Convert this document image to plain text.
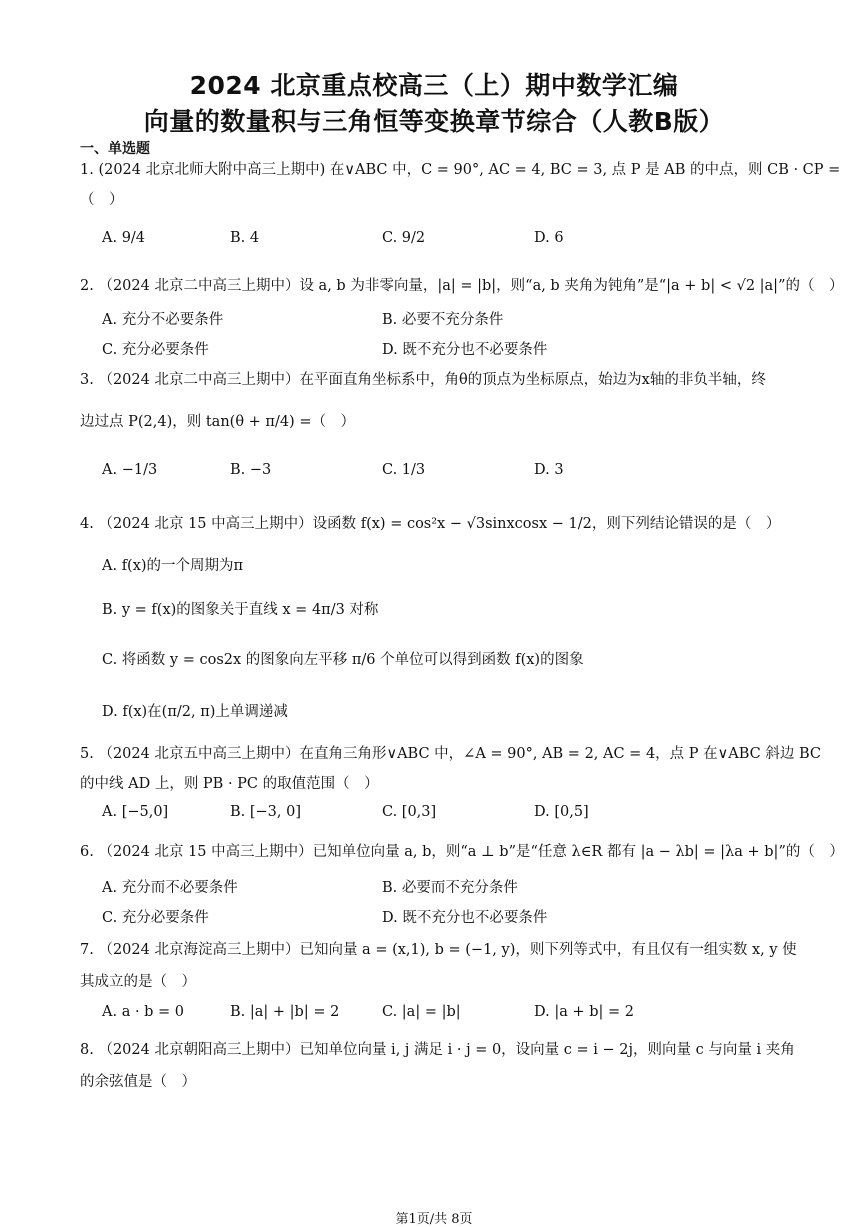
2024 北京重点校高三（上）期中数学汇编
向量的数量积与三角恒等变换章节综合（人教B版）
一、单选题
1. (2024 北京北师大附中高三上期中) 在∨ABC 中，C = 90°, AC = 4, BC = 3, 点 P 是 AB 的中点，则 CB · CP =
（　）
A. 9/4	B. 4	C. 9/2	D. 6
2. （2024 北京二中高三上期中）设 a, b 为非零向量，|a| = |b|，则“a, b 夹角为钝角”是“|a + b| < √2 |a|”的（　）
A. 充分不必要条件	B. 必要不充分条件
C. 充分必要条件	D. 既不充分也不必要条件
3. （2024 北京二中高三上期中）在平面直角坐标系中，角θ的顶点为坐标原点，始边为x轴的非负半轴，终
边过点 P(2,4)，则 tan(θ + π/4) =（　）
A. −1/3	B. −3	C. 1/3	D. 3
4. （2024 北京 15 中高三上期中）设函数 f(x) = cos²x − √3sinxcosx − 1/2，则下列结论错误的是（　）
A. f(x)的一个周期为π
B. y = f(x)的图象关于直线 x = 4π/3 对称
C. 将函数 y = cos2x 的图象向左平移 π/6 个单位可以得到函数 f(x)的图象
D. f(x)在(π/2, π)上单调递减
5. （2024 北京五中高三上期中）在直角三角形∨ABC 中，∠A = 90°, AB = 2, AC = 4，点 P 在∨ABC 斜边 BC
的中线 AD 上，则 PB · PC 的取值范围（　）
A. [−5,0]	B. [−3, 0]	C. [0,3]	D. [0,5]
6. （2024 北京 15 中高三上期中）已知单位向量 a, b，则“a ⊥ b”是“任意 λ∈R 都有 |a − λb| = |λa + b|”的（　）
A. 充分而不必要条件	B. 必要而不充分条件
C. 充分必要条件	D. 既不充分也不必要条件
7. （2024 北京海淀高三上期中）已知向量 a = (x,1), b = (−1, y)，则下列等式中，有且仅有一组实数 x, y 使
其成立的是（　）
A. a · b = 0	B. |a| + |b| = 2	C. |a| = |b|	D. |a + b| = 2
8. （2024 北京朝阳高三上期中）已知单位向量 i, j 满足 i · j = 0，设向量 c = i − 2j，则向量 c 与向量 i 夹角
的余弦值是（　）
第1页/共 8页
